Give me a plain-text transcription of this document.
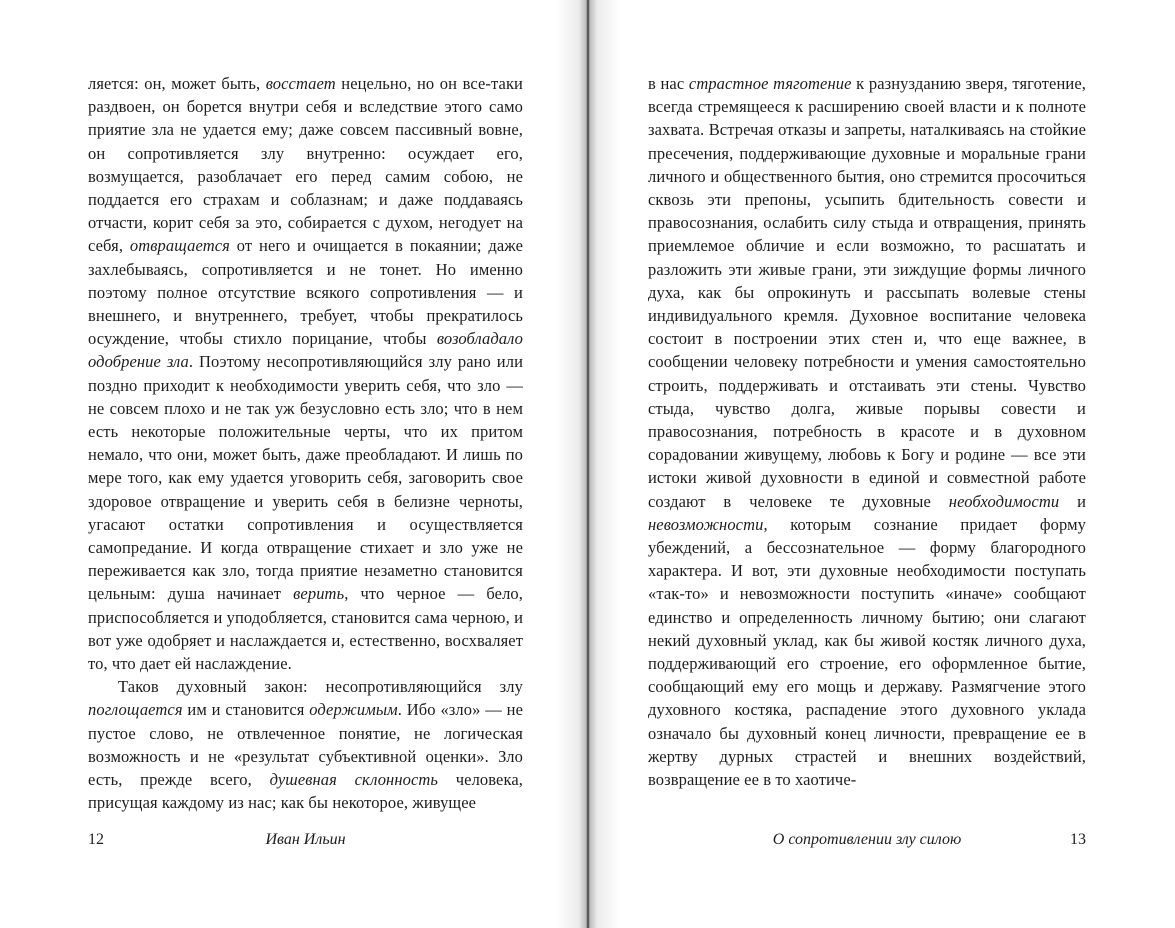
ляется: он, может быть, восстает нецельно, но он все-таки раздвоен, он борется внутри себя и вследствие этого само приятие зла не удается ему; даже совсем пассивный вовне, он сопротивляется злу внутренно: осуждает его, возмущается, разоблачает его перед самим собою, не поддается его страхам и соблазнам; и даже поддаваясь отчасти, корит себя за это, собирается с духом, негодует на себя, отвращается от него и очищается в покаянии; даже захлебываясь, сопротивляется и не тонет. Но именно поэтому полное отсутствие всякого сопротивления — и внешнего, и внутреннего, требует, чтобы прекратилось осуждение, чтобы стихло порицание, чтобы возобладало одобрение зла. Поэтому несопротивляющийся злу рано или поздно приходит к необходимости уверить себя, что зло — не совсем плохо и не так уж безусловно есть зло; что в нем есть некоторые положительные черты, что их притом немало, что они, может быть, даже преобладают. И лишь по мере того, как ему удается уговорить себя, заговорить свое здоровое отвращение и уверить себя в белизне черноты, угасают остатки сопротивления и осуществляется самопредание. И когда отвращение стихает и зло уже не переживается как зло, тогда приятие незаметно становится цельным: душа начинает верить, что черное — бело, приспособляется и уподобляется, становится сама черною, и вот уже одобряет и наслаждается и, естественно, восхваляет то, что дает ей наслаждение.

Таков духовный закон: несопротивляющийся злу поглощается им и становится одержимым. Ибо «зло» — не пустое слово, не отвлеченное понятие, не логическая возможность и не «результат субъективной оценки». Зло есть, прежде всего, душевная склонность человека, присущая каждому из нас; как бы некоторое, живущее

12	Иван Ильин

в нас страстное тяготение к разнузданию зверя, тяготение, всегда стремящееся к расширению своей власти и к полноте захвата. Встречая отказы и запреты, наталкиваясь на стойкие пресечения, поддерживающие духовные и моральные грани личного и общественного бытия, оно стремится просочиться сквозь эти препоны, усыпить бдительность совести и правосознания, ослабить силу стыда и отвращения, принять приемлемое обличие и если возможно, то расшатать и разложить эти живые грани, эти зиждущие формы личного духа, как бы опрокинуть и рассыпать волевые стены индивидуального кремля. Духовное воспитание человека состоит в построении этих стен и, что еще важнее, в сообщении человеку потребности и умения самостоятельно строить, поддерживать и отстаивать эти стены. Чувство стыда, чувство долга, живые порывы совести и правосознания, потребность в красоте и в духовном сорадовании живущему, любовь к Богу и родине — все эти истоки живой духовности в единой и совместной работе создают в человеке те духовные необходимости и невозможности, которым сознание придает форму убеждений, а бессознательное — форму благородного характера. И вот, эти духовные необходимости поступать «так-то» и невозможности поступить «иначе» сообщают единство и определенность личному бытию; они слагают некий духовный уклад, как бы живой костяк личного духа, поддерживающий его строение, его оформленное бытие, сообщающий ему его мощь и державу. Размягчение этого духовного костяка, распадение этого духовного уклада означало бы духовный конец личности, превращение ее в жертву дурных страстей и внешних воздействий, возвращение ее в то хаотиче-

О сопротивлении злу силою	13
